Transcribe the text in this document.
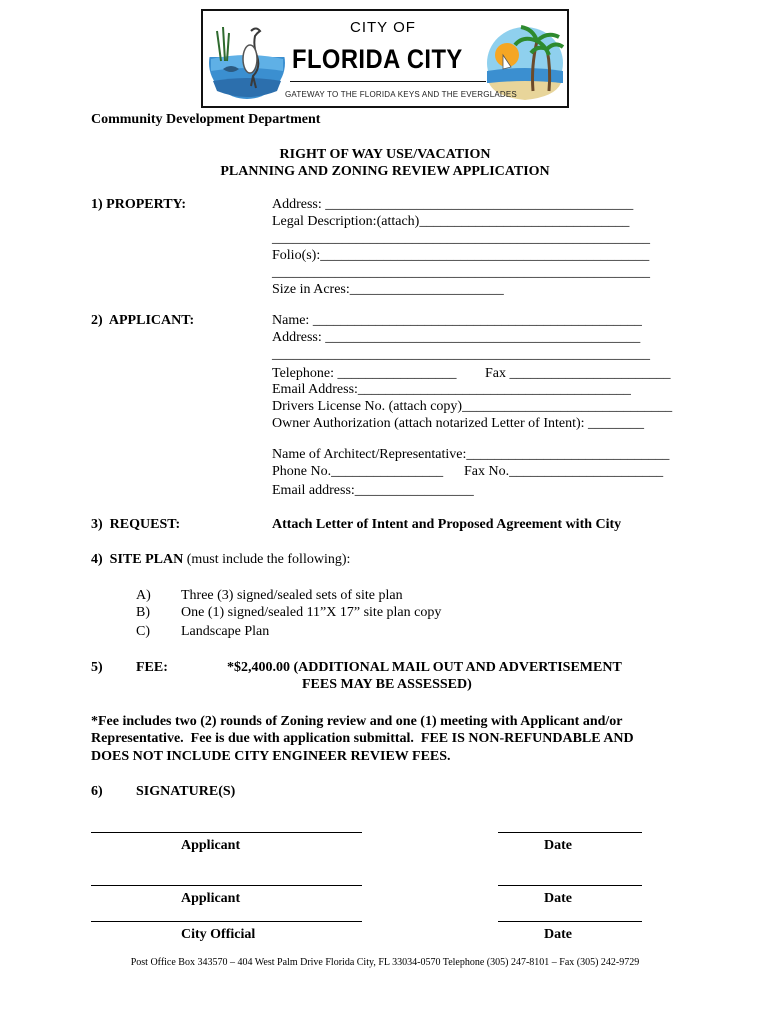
CITY OF
FLORIDA CITY
GATEWAY TO THE FLORIDA KEYS AND THE EVERGLADES
Community Development Department
RIGHT OF WAY USE/VACATION
PLANNING AND ZONING REVIEW APPLICATION
1) PROPERTY:	Address: ____________________________________________
Legal Description:(attach)______________________________
______________________________________________________
Folio(s):_______________________________________________
______________________________________________________
Size in Acres:______________________
2)  APPLICANT:	Name: _______________________________________________
Address: _____________________________________________
______________________________________________________
Telephone: _________________ Fax _______________________
Email Address:_______________________________________
Drivers License No. (attach copy)______________________________
Owner Authorization (attach notarized Letter of Intent): ________
Name of Architect/Representative:_____________________________
Phone No.________________ Fax No.______________________
Email address:_________________
3)  REQUEST:	Attach Letter of Intent and Proposed Agreement with City
4)  SITE PLAN (must include the following):
A) Three (3) signed/sealed sets of site plan
B) One (1) signed/sealed 11”X 17” site plan copy
C) Landscape Plan
5) FEE:	*$2,400.00 (ADDITIONAL MAIL OUT AND ADVERTISEMENT
FEES MAY BE ASSESSED)
*Fee includes two (2) rounds of Zoning review and one (1) meeting with Applicant and/or
Representative.  Fee is due with application submittal.  FEE IS NON-REFUNDABLE AND
DOES NOT INCLUDE CITY ENGINEER REVIEW FEES.
6) SIGNATURE(S)
Applicant	Date
Applicant	Date
City Official	Date
Post Office Box 343570 – 404 West Palm Drive Florida City, FL 33034-0570 Telephone (305) 247-8101 – Fax (305) 242-9729
